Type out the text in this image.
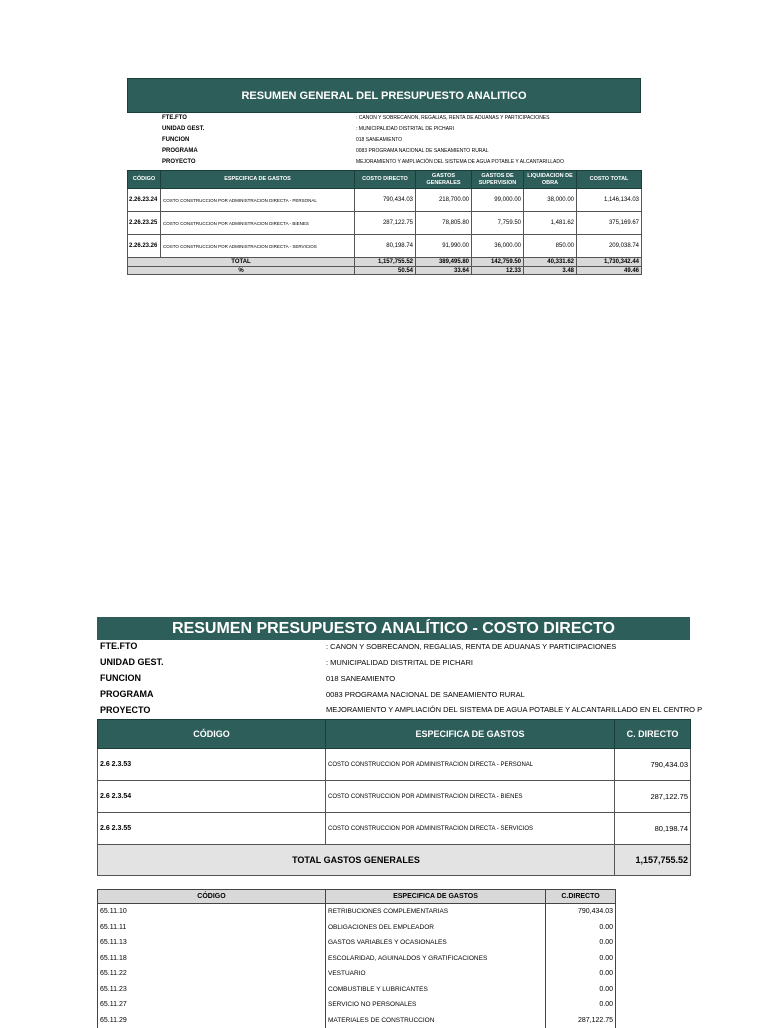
RESUMEN GENERAL DEL PRESUPUESTO ANALITICO
FTE.FTO	: CANON Y SOBRECANON, REGALIAS, RENTA DE ADUANAS Y PARTICIPACIONES
UNIDAD GEST.	: MUNICIPALIDAD DISTRITAL DE PICHARI
FUNCION	018 SANEAMIENTO
PROGRAMA	0083 PROGRAMA NACIONAL DE SANEAMIENTO RURAL
PROYECTO	MEJORAMIENTO Y AMPLIACIÓN DEL SISTEMA DE AGUA POTABLE Y ALCANTARILLADO
CÓDIGO	ESPECIFICA DE GASTOS	COSTO DIRECTO	GASTOS GENERALES	GASTOS DE SUPERVISION	LIQUIDACION DE OBRA	COSTO TOTAL
2.26.23.24	COSTO CONSTRUCCION POR ADMINISTRACION DIRECTA - PERSONAL	790,434.03	218,700.00	99,000.00	38,000.00	1,146,134.03
2.26.23.25	COSTO CONSTRUCCION POR ADMINISTRACION DIRECTA - BIENES	287,122.75	78,805.80	7,759.50	1,481.62	375,169.67
2.26.23.26	COSTO CONSTRUCCION POR ADMINISTRACION DIRECTA - SERVICIOS	80,198.74	91,990.00	36,000.00	850.00	209,038.74
TOTAL		1,157,755.52	389,495.80	142,759.50	40,331.62	1,730,342.44
%		50.54	33.64	12.33	3.48	49.46
RESUMEN PRESUPUESTO ANALÍTICO - COSTO DIRECTO
FTE.FTO	: CANON Y SOBRECANON, REGALIAS, RENTA DE ADUANAS Y PARTICIPACIONES
UNIDAD GEST.	: MUNICIPALIDAD DISTRITAL DE PICHARI
FUNCION	018 SANEAMIENTO
PROGRAMA	0083 PROGRAMA NACIONAL DE SANEAMIENTO RURAL
PROYECTO	MEJORAMIENTO Y AMPLIACIÓN DEL SISTEMA DE AGUA POTABLE Y ALCANTARILLADO EN EL CENTRO P
CÓDIGO	ESPECIFICA DE GASTOS	C. DIRECTO
2.6 2.3.53	COSTO CONSTRUCCION POR ADMINISTRACION DIRECTA - PERSONAL	790,434.03
2.6 2.3.54	COSTO CONSTRUCCION POR ADMINISTRACION DIRECTA - BIENES	287,122.75
2.6 2.3.55	COSTO CONSTRUCCION POR ADMINISTRACION DIRECTA - SERVICIOS	80,198.74
TOTAL GASTOS GENERALES		1,157,755.52
CÓDIGO	ESPECIFICA DE GASTOS	C.DIRECTO
65.11.10	RETRIBUCIONES COMPLEMENTARIAS	790,434.03
65.11.11	OBLIGACIONES DEL EMPLEADOR	0.00
65.11.13	GASTOS VARIABLES Y OCASIONALES	0.00
65.11.18	ESCOLARIDAD, AGUINALDOS Y GRATIFICACIONES	0.00
65.11.22	VESTUARIO	0.00
65.11.23	COMBUSTIBLE Y LUBRICANTES	0.00
65.11.27	SERVICIO NO PERSONALES	0.00
65.11.29	MATERIALES DE CONSTRUCCION	287,122.75
